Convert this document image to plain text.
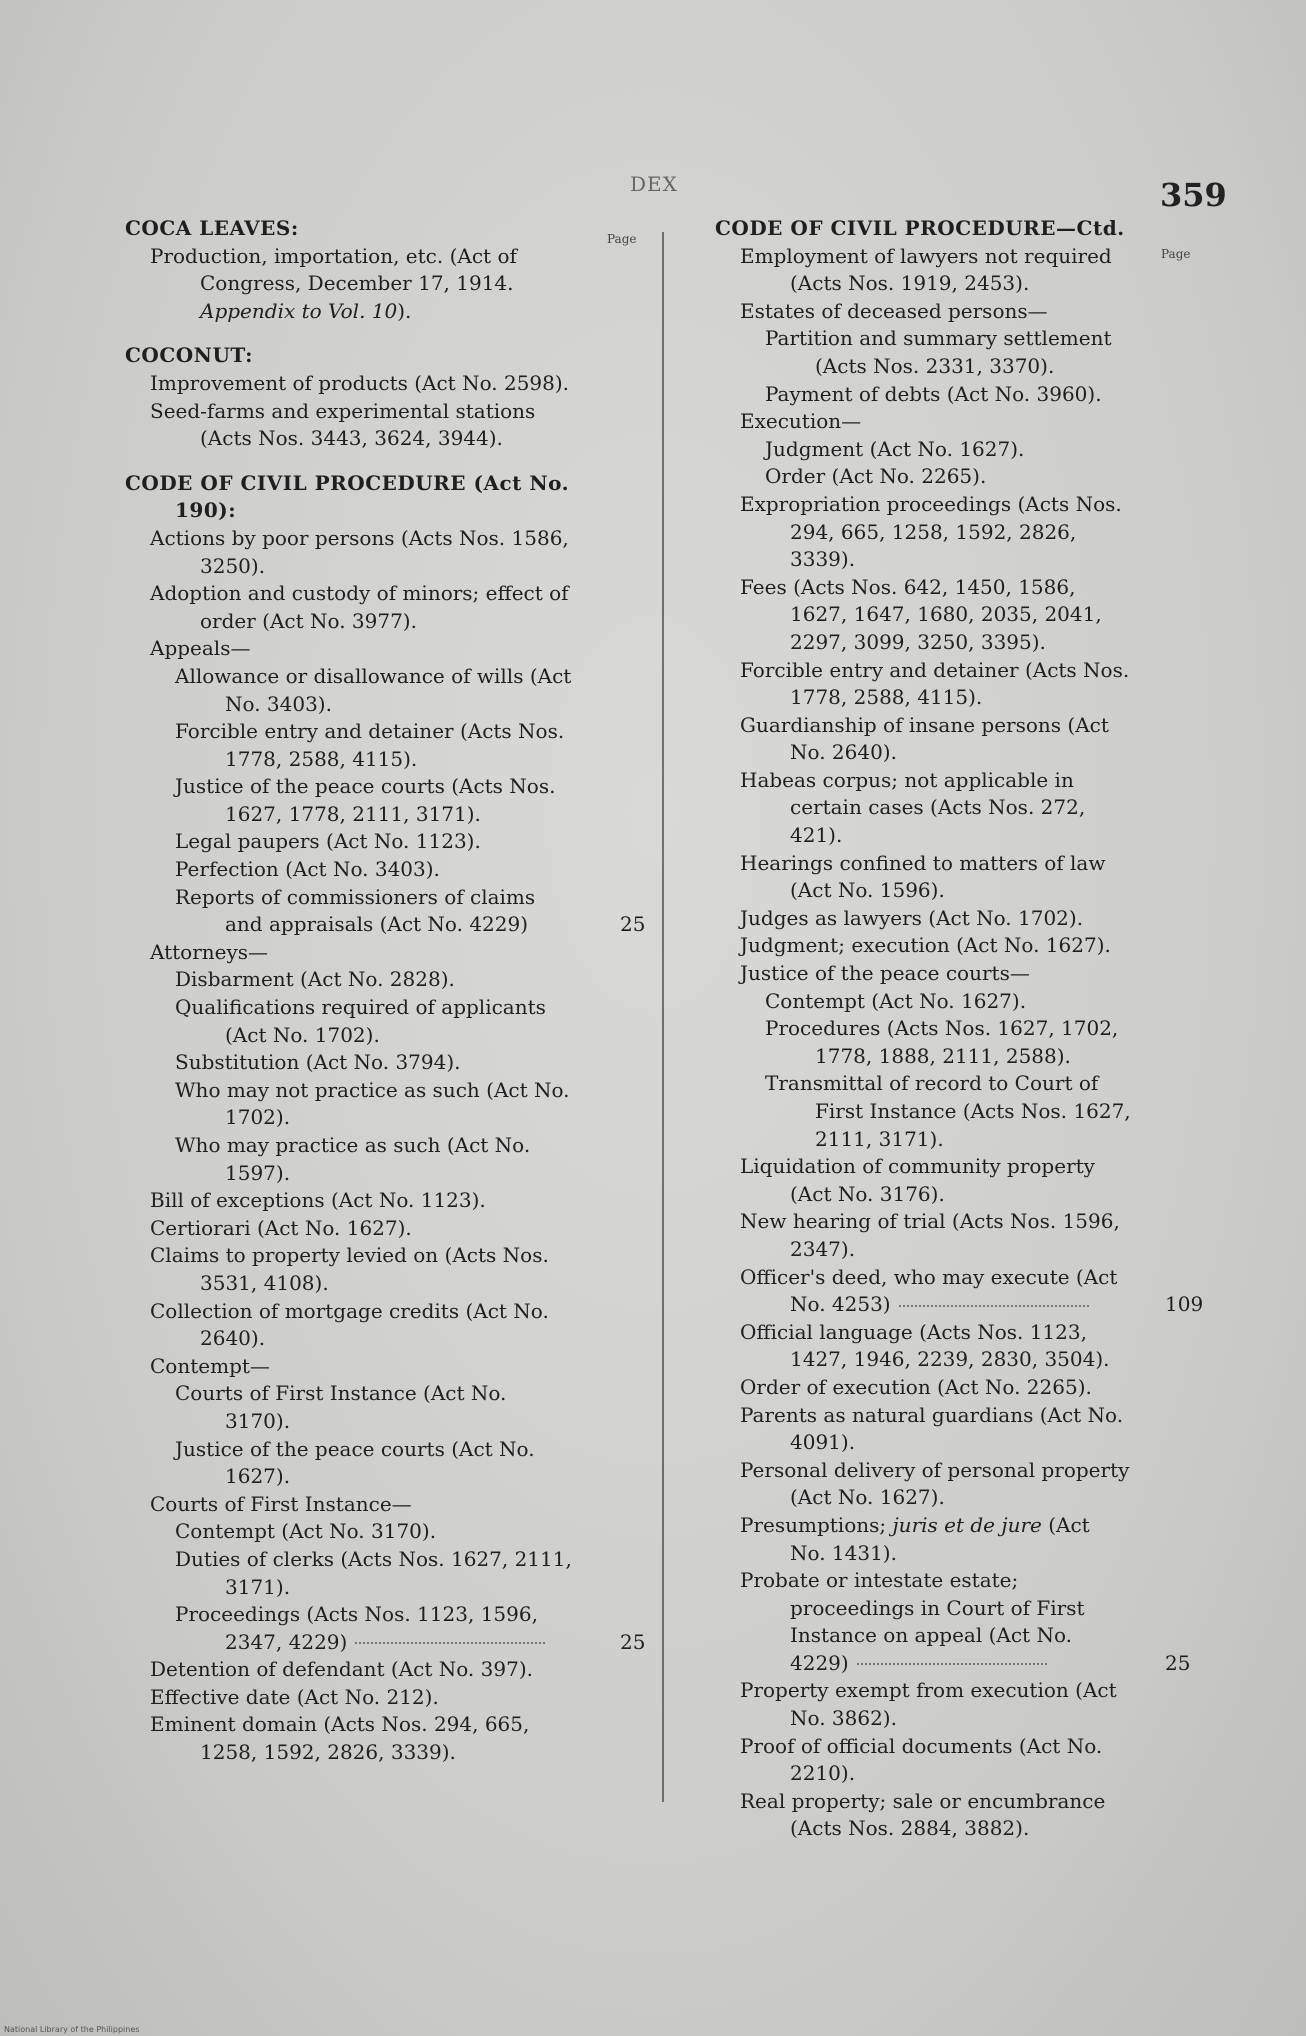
DEX	359
Page
Page
COCA LEAVES:
Production, importation, etc. (Act of Congress, December 17, 1914. Appendix to Vol. 10).
COCONUT:
Improvement of products (Act No. 2598).
Seed-farms and experimental stations (Acts Nos. 3443, 3624, 3944).
CODE OF CIVIL PROCEDURE (Act No. 190):
Actions by poor persons (Acts Nos. 1586, 3250).
Adoption and custody of minors; effect of order (Act No. 3977).
Appeals—
Allowance or disallowance of wills (Act No. 3403).
Forcible entry and detainer (Acts Nos. 1778, 2588, 4115).
Justice of the peace courts (Acts Nos. 1627, 1778, 2111, 3171).
Legal paupers (Act No. 1123).
Perfection (Act No. 3403).
Reports of commissioners of claims and appraisals (Act No. 4229)	25
Attorneys—
Disbarment (Act No. 2828).
Qualifications required of applicants (Act No. 1702).
Substitution (Act No. 3794).
Who may not practice as such (Act No. 1702).
Who may practice as such (Act No. 1597).
Bill of exceptions (Act No. 1123).
Certiorari (Act No. 1627).
Claims to property levied on (Acts Nos. 3531, 4108).
Collection of mortgage credits (Act No. 2640).
Contempt—
Courts of First Instance (Act No. 3170).
Justice of the peace courts (Act No. 1627).
Courts of First Instance—
Contempt (Act No. 3170).
Duties of clerks (Acts Nos. 1627, 2111, 3171).
Proceedings (Acts Nos. 1123, 1596, 2347, 4229)	25
Detention of defendant (Act No. 397).
Effective date (Act No. 212).
Eminent domain (Acts Nos. 294, 665, 1258, 1592, 2826, 3339).
CODE OF CIVIL PROCEDURE—Ctd.
Employment of lawyers not required (Acts Nos. 1919, 2453).
Estates of deceased persons—
Partition and summary settlement (Acts Nos. 2331, 3370).
Payment of debts (Act No. 3960).
Execution—
Judgment (Act No. 1627).
Order (Act No. 2265).
Expropriation proceedings (Acts Nos. 294, 665, 1258, 1592, 2826, 3339).
Fees (Acts Nos. 642, 1450, 1586, 1627, 1647, 1680, 2035, 2041, 2297, 3099, 3250, 3395).
Forcible entry and detainer (Acts Nos. 1778, 2588, 4115).
Guardianship of insane persons (Act No. 2640).
Habeas corpus; not applicable in certain cases (Acts Nos. 272, 421).
Hearings confined to matters of law (Act No. 1596).
Judges as lawyers (Act No. 1702).
Judgment; execution (Act No. 1627).
Justice of the peace courts—
Contempt (Act No. 1627).
Procedures (Acts Nos. 1627, 1702, 1778, 1888, 2111, 2588).
Transmittal of record to Court of First Instance (Acts Nos. 1627, 2111, 3171).
Liquidation of community property (Act No. 3176).
New hearing of trial (Acts Nos. 1596, 2347).
Officer's deed, who may execute (Act No. 4253)	109
Official language (Acts Nos. 1123, 1427, 1946, 2239, 2830, 3504).
Order of execution (Act No. 2265).
Parents as natural guardians (Act No. 4091).
Personal delivery of personal property (Act No. 1627).
Presumptions; juris et de jure (Act No. 1431).
Probate or intestate estate; proceedings in Court of First Instance on appeal (Act No. 4229)	25
Property exempt from execution (Act No. 3862).
Proof of official documents (Act No. 2210).
Real property; sale or encumbrance (Acts Nos. 2884, 3882).
National Library of the Philippines
